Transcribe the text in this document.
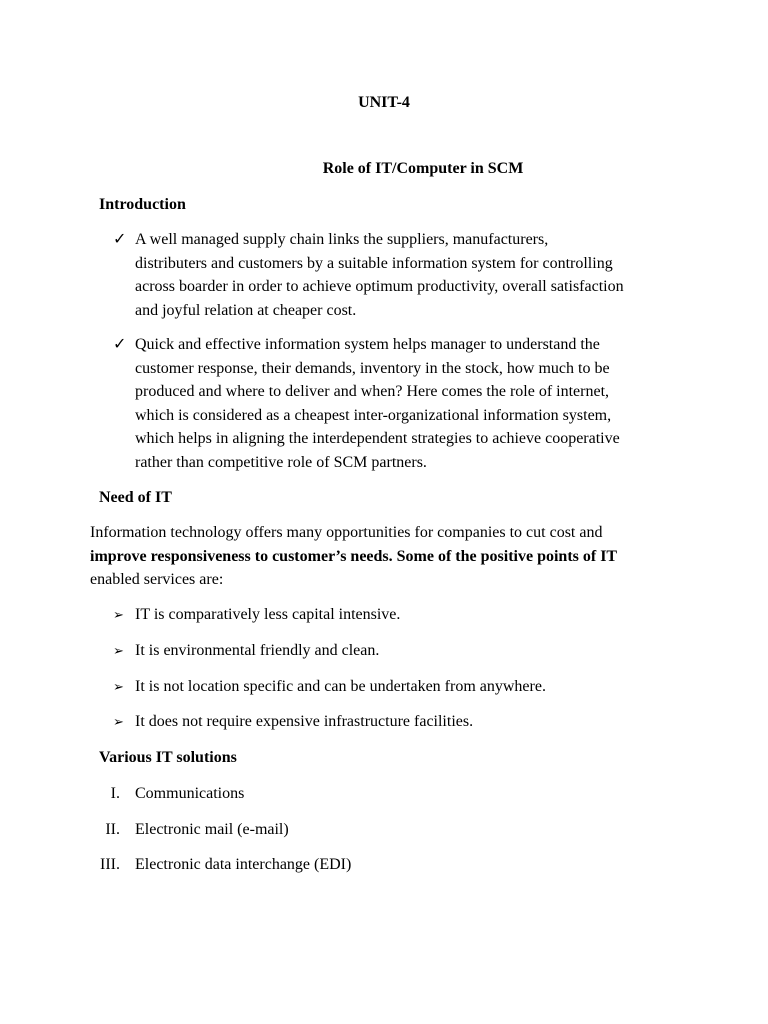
UNIT-4
Role of IT/Computer in SCM
Introduction
✓ A well managed supply chain links the suppliers, manufacturers,
distributers and customers by a suitable information system for controlling
across boarder in order to achieve optimum productivity, overall satisfaction
and joyful relation at cheaper cost.
✓ Quick and effective information system helps manager to understand the
customer response, their demands, inventory in the stock, how much to be
produced and where to deliver and when? Here comes the role of internet,
which is considered as a cheapest inter-organizational information system,
which helps in aligning the interdependent strategies to achieve cooperative
rather than competitive role of SCM partners.
Need of IT
Information technology offers many opportunities for companies to cut cost and
improve responsiveness to customer’s needs. Some of the positive points of IT
enabled services are:
➢ IT is comparatively less capital intensive.
➢ It is environmental friendly and clean.
➢ It is not location specific and can be undertaken from anywhere.
➢ It does not require expensive infrastructure facilities.
Various IT solutions
I. Communications
II. Electronic mail (e-mail)
III. Electronic data interchange (EDI)
